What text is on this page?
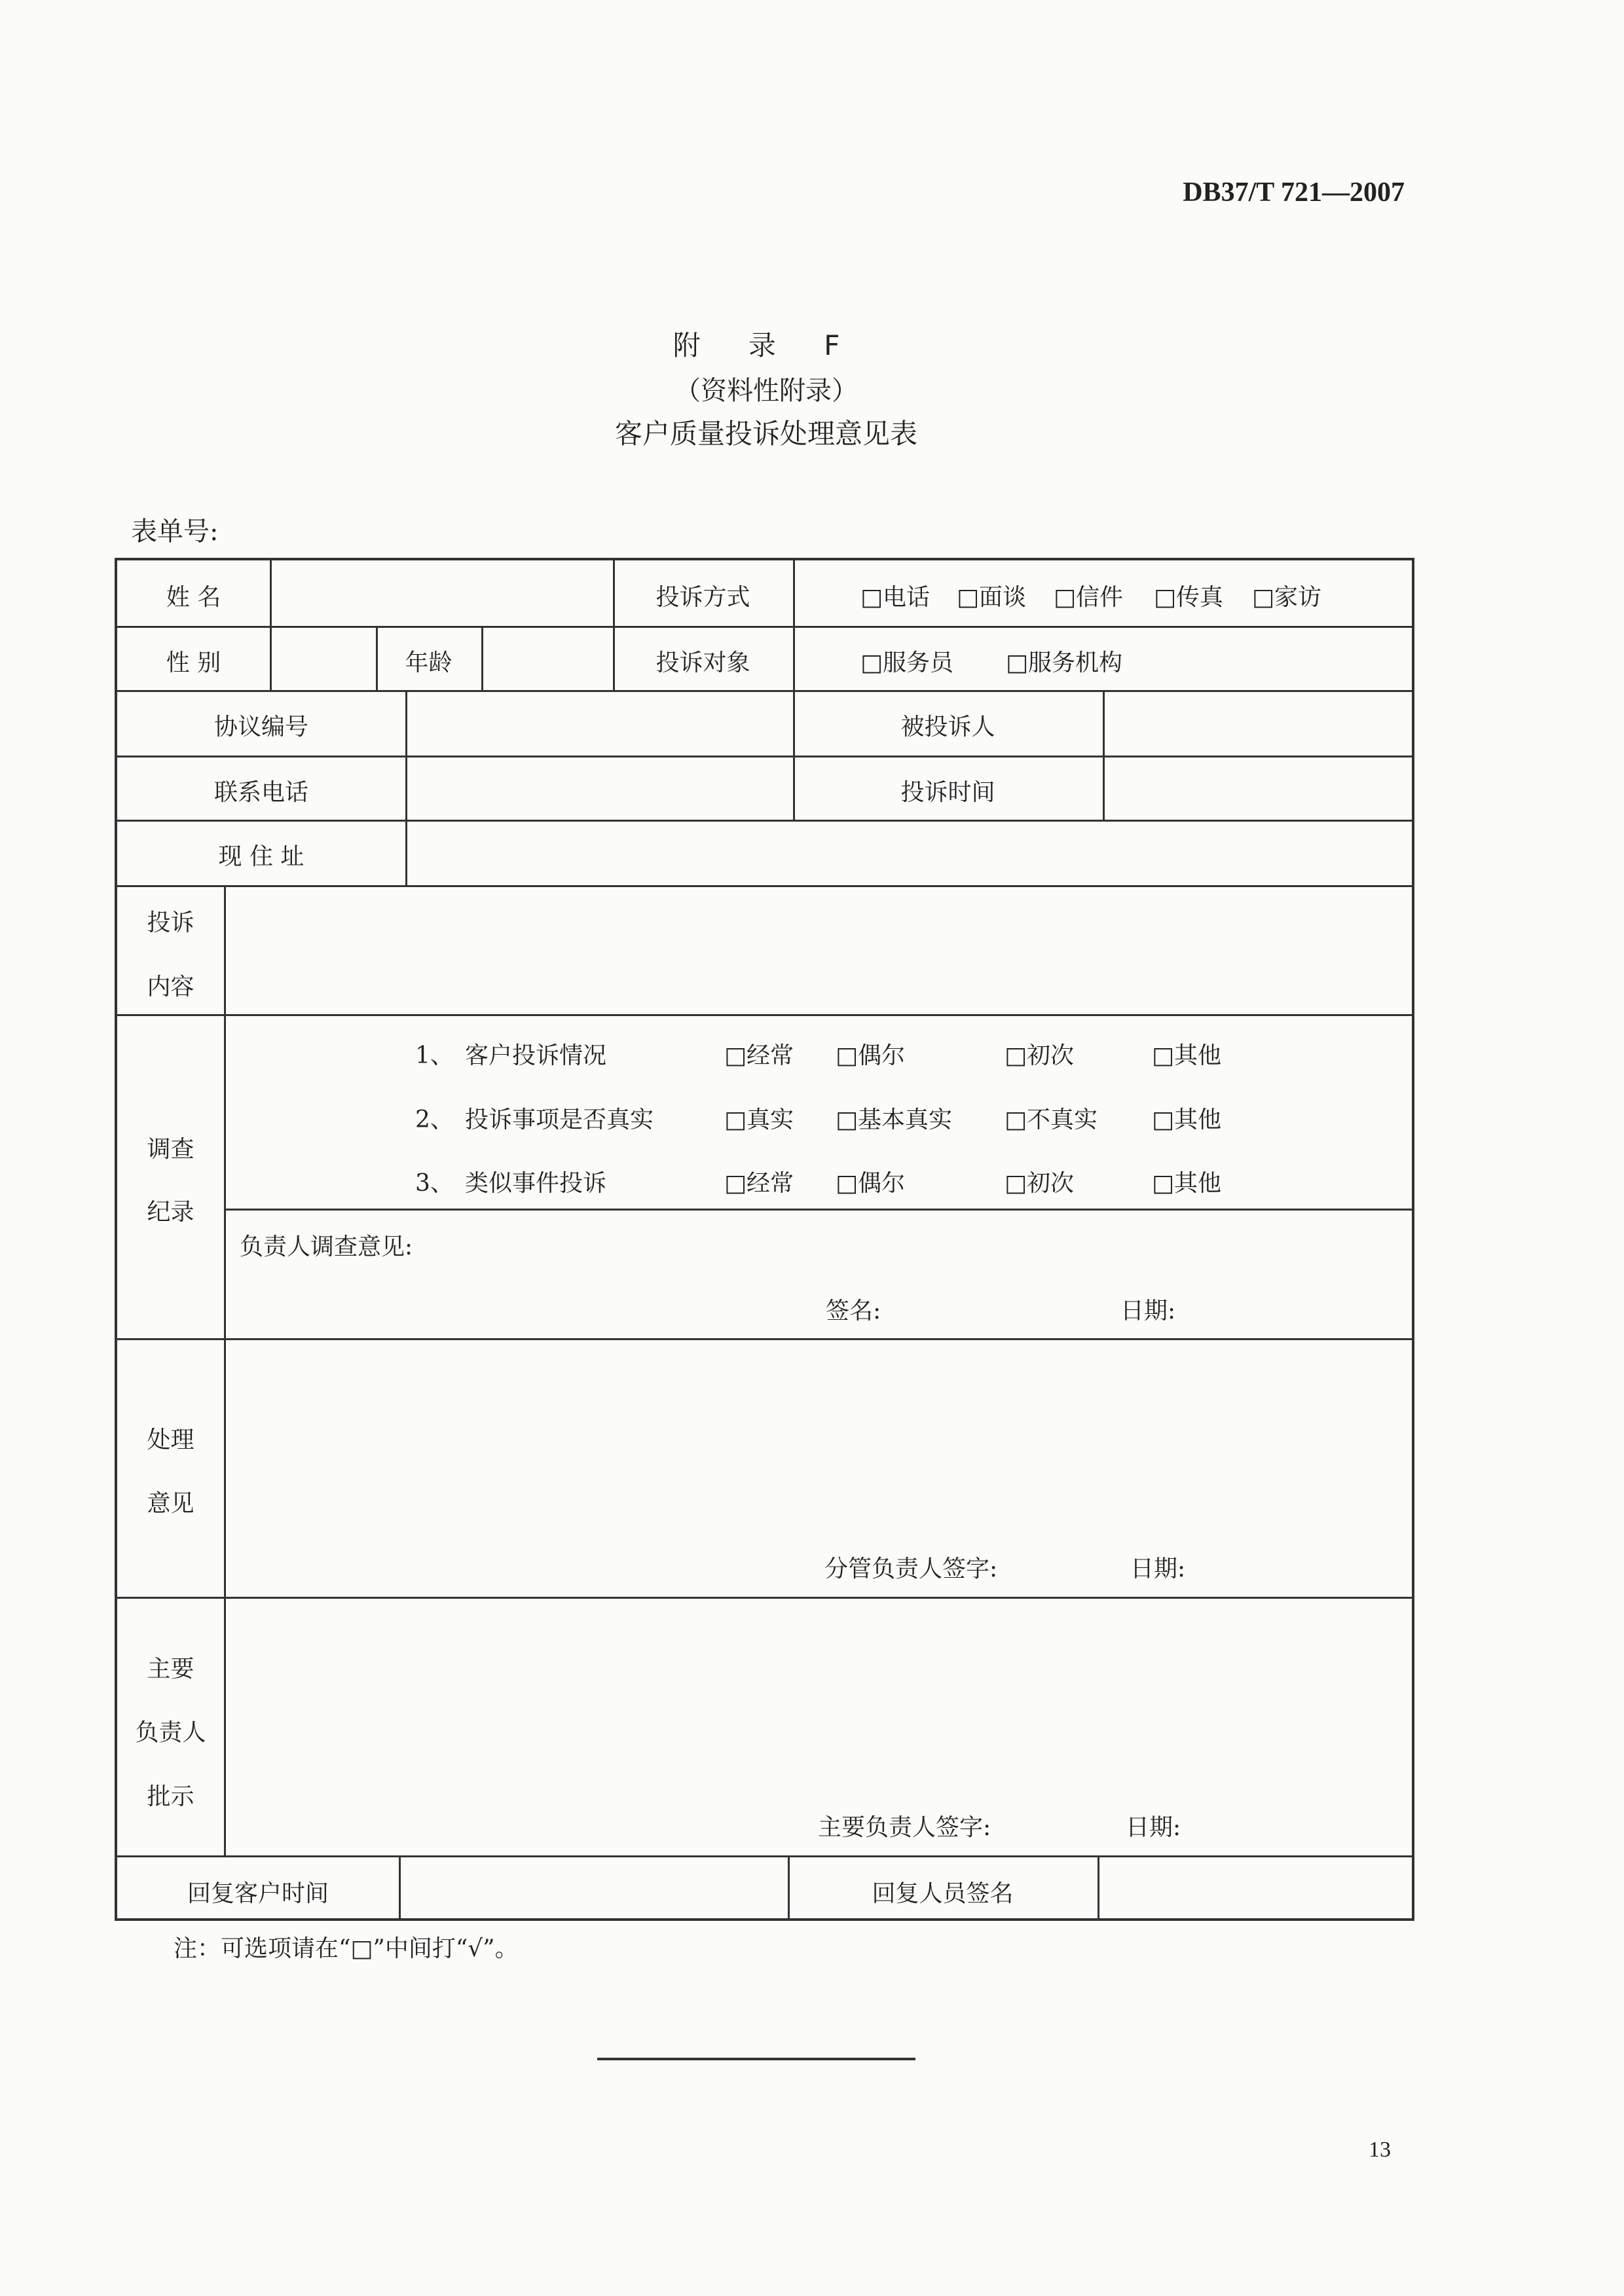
DB37/T 721—2007
附 录 F
（资料性附录）
客户质量投诉处理意见表
表单号:
姓 名	投诉方式	□电话 □面谈 □信件 □传真 □家访
性 别	年龄	投诉对象	□服务员 □服务机构
协议编号	被投诉人
联系电话	投诉时间
现 住 址
投诉
内容
调查
纪录
1、 客户投诉情况	□经常 □偶尔	□初次	□其他
2、 投诉事项是否真实	□真实 □基本真实 □不真实 □其他
3、 类似事件投诉	□经常 □偶尔	□初次	□其他
负责人调查意见:
签名:	日期:
处理
意见
分管负责人签字:	日期:
主要
负责人
批示
主要负责人签字:	日期:
回复客户时间	回复人员签名
注：可选项请在“□”中间打“√”。
13
